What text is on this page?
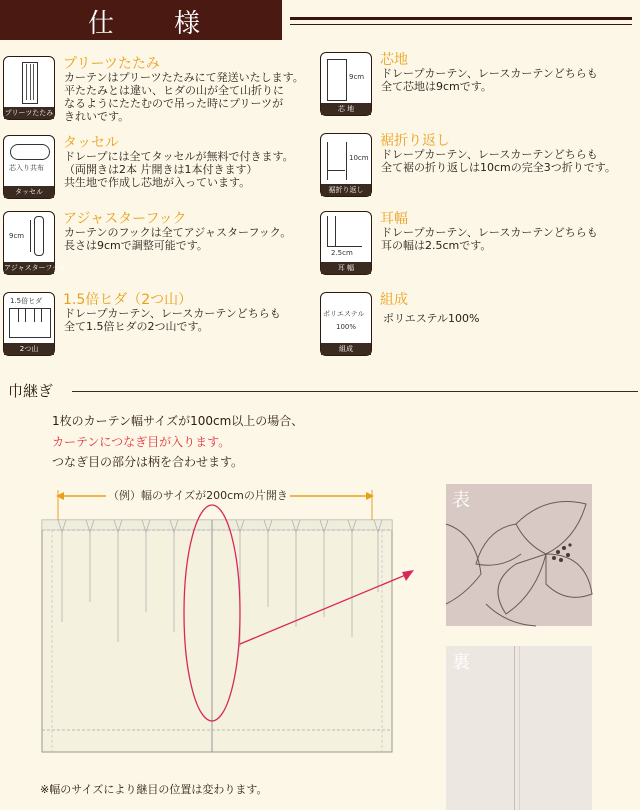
仕様
プリーツたたみ
プリーツたたみ
カーテンはプリーツたたみにて発送いたします。
平たたみとは違い、ヒダの山が全て山折りに
なるようにたたむので吊った時にプリーツが
きれいです。
芯入り共布
タッセル
タッセル
ドレープには全てタッセルが無料で付きます。
（両開きは2本 片開きは1本付きます）
共生地で作成し芯地が入っています。
9cm
アジャスターフック
アジャスターフック
カーテンのフックは全てアジャスターフック。
長さは9cmで調整可能です。
1.5倍ヒダ
2つ山
1.5倍ヒダ（2つ山）
ドレープカーテン、レースカーテンどちらも
全て1.5倍ヒダの2つ山です。
9cm
芯 地
芯地
ドレープカーテン、レースカーテンどちらも
全て芯地は9cmです。
10cm
裾折り返し
裾折り返し
ドレープカーテン、レースカーテンどちらも
全て裾の折り返しは10cmの完全3つ折りです。
2.5cm
耳 幅
耳幅
ドレープカーテン、レースカーテンどちらも
耳の幅は2.5cmです。
ポリエステル
100%
組成
組成
ポリエステル100%
巾継ぎ
1枚のカーテン幅サイズが100cm以上の場合、
カーテンにつなぎ目が入ります。
つなぎ目の部分は柄を合わせます。
（例）幅のサイズが200cmの片開き	表
裏
※幅のサイズにより継目の位置は変わります。
